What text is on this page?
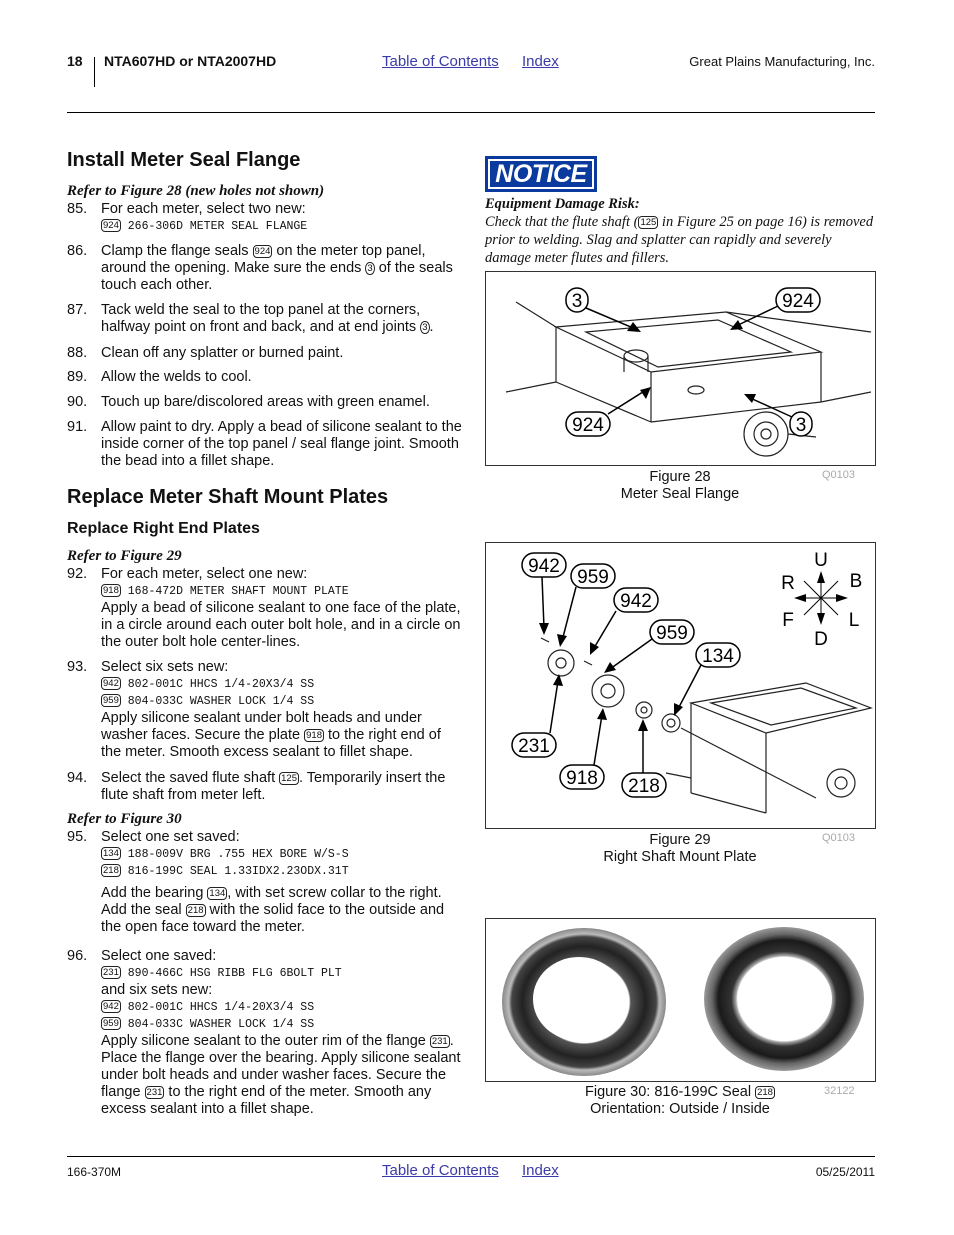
18 NTA607HD or NTA2007HD	Table of Contents Index	Great Plains Manufacturing, Inc.
Install Meter Seal Flange
Refer to Figure 28 (new holes not shown)
85. For each meter, select two new:
924 266-306D METER SEAL FLANGE
86. Clamp the flange seals 924 on the meter top panel, around the opening. Make sure the ends 3 of the seals touch each other.
87. Tack weld the seal to the top panel at the corners, halfway point on front and back, and at end joints 3 .
88. Clean off any splatter or burned paint.
89. Allow the welds to cool.
90. Touch up bare/discolored areas with green enamel.
91. Allow paint to dry. Apply a bead of silicone sealant to the inside corner of the top panel / seal flange joint. Smooth the bead into a fillet shape.
Replace Meter Shaft Mount Plates
Replace Right End Plates
Refer to Figure 29
92. For each meter, select one new:
918 168-472D METER SHAFT MOUNT PLATE
Apply a bead of silicone sealant to one face of the plate, in a circle around each outer bolt hole, and in a circle on the outer bolt hole center-lines.
93. Select six sets new:
942 802-001C HHCS 1/4-20X3/4 SS
959 804-033C WASHER LOCK 1/4 SS
Apply silicone sealant under bolt heads and under washer faces. Secure the plate 918 to the right end of the meter. Smooth excess sealant to fillet shape.
94. Select the saved flute shaft 125 . Temporarily insert the flute shaft from meter left.
Refer to Figure 30
95. Select one set saved:
134 188-009V BRG .755 HEX BORE W/S-S
218 816-199C SEAL 1.33IDX2.23ODX.31T
Add the bearing 134 , with set screw collar to the right. Add the seal 218 with the solid face to the outside and the open face toward the meter.
96. Select one saved:
231 890-466C HSG RIBB FLG 6BOLT PLT
and six sets new:
942 802-001C HHCS 1/4-20X3/4 SS
959 804-033C WASHER LOCK 1/4 SS
Apply silicone sealant to the outer rim of the flange 231 . Place the flange over the bearing. Apply silicone sealant under bolt heads and under washer faces. Secure the flange 231 to the right end of the meter. Smooth any excess sealant into a fillet shape.
NOTICE
Equipment Damage Risk:
Check that the flute shaft ( 125 in Figure 25 on page 16) is removed prior to welding. Slag and splatter can rapidly and severely damage meter flutes and fillers.
3	924
924	3
Figure 28
Meter Seal Flange
Q0103
942
959
942
959
134
231
918 218
U
D
R	B
F	L
Figure 29
Right Shaft Mount Plate
Q0103
Figure 30: 816-199C Seal 218
Orientation: Outside / Inside
32122
166-370M	Table of Contents Index	05/25/2011
